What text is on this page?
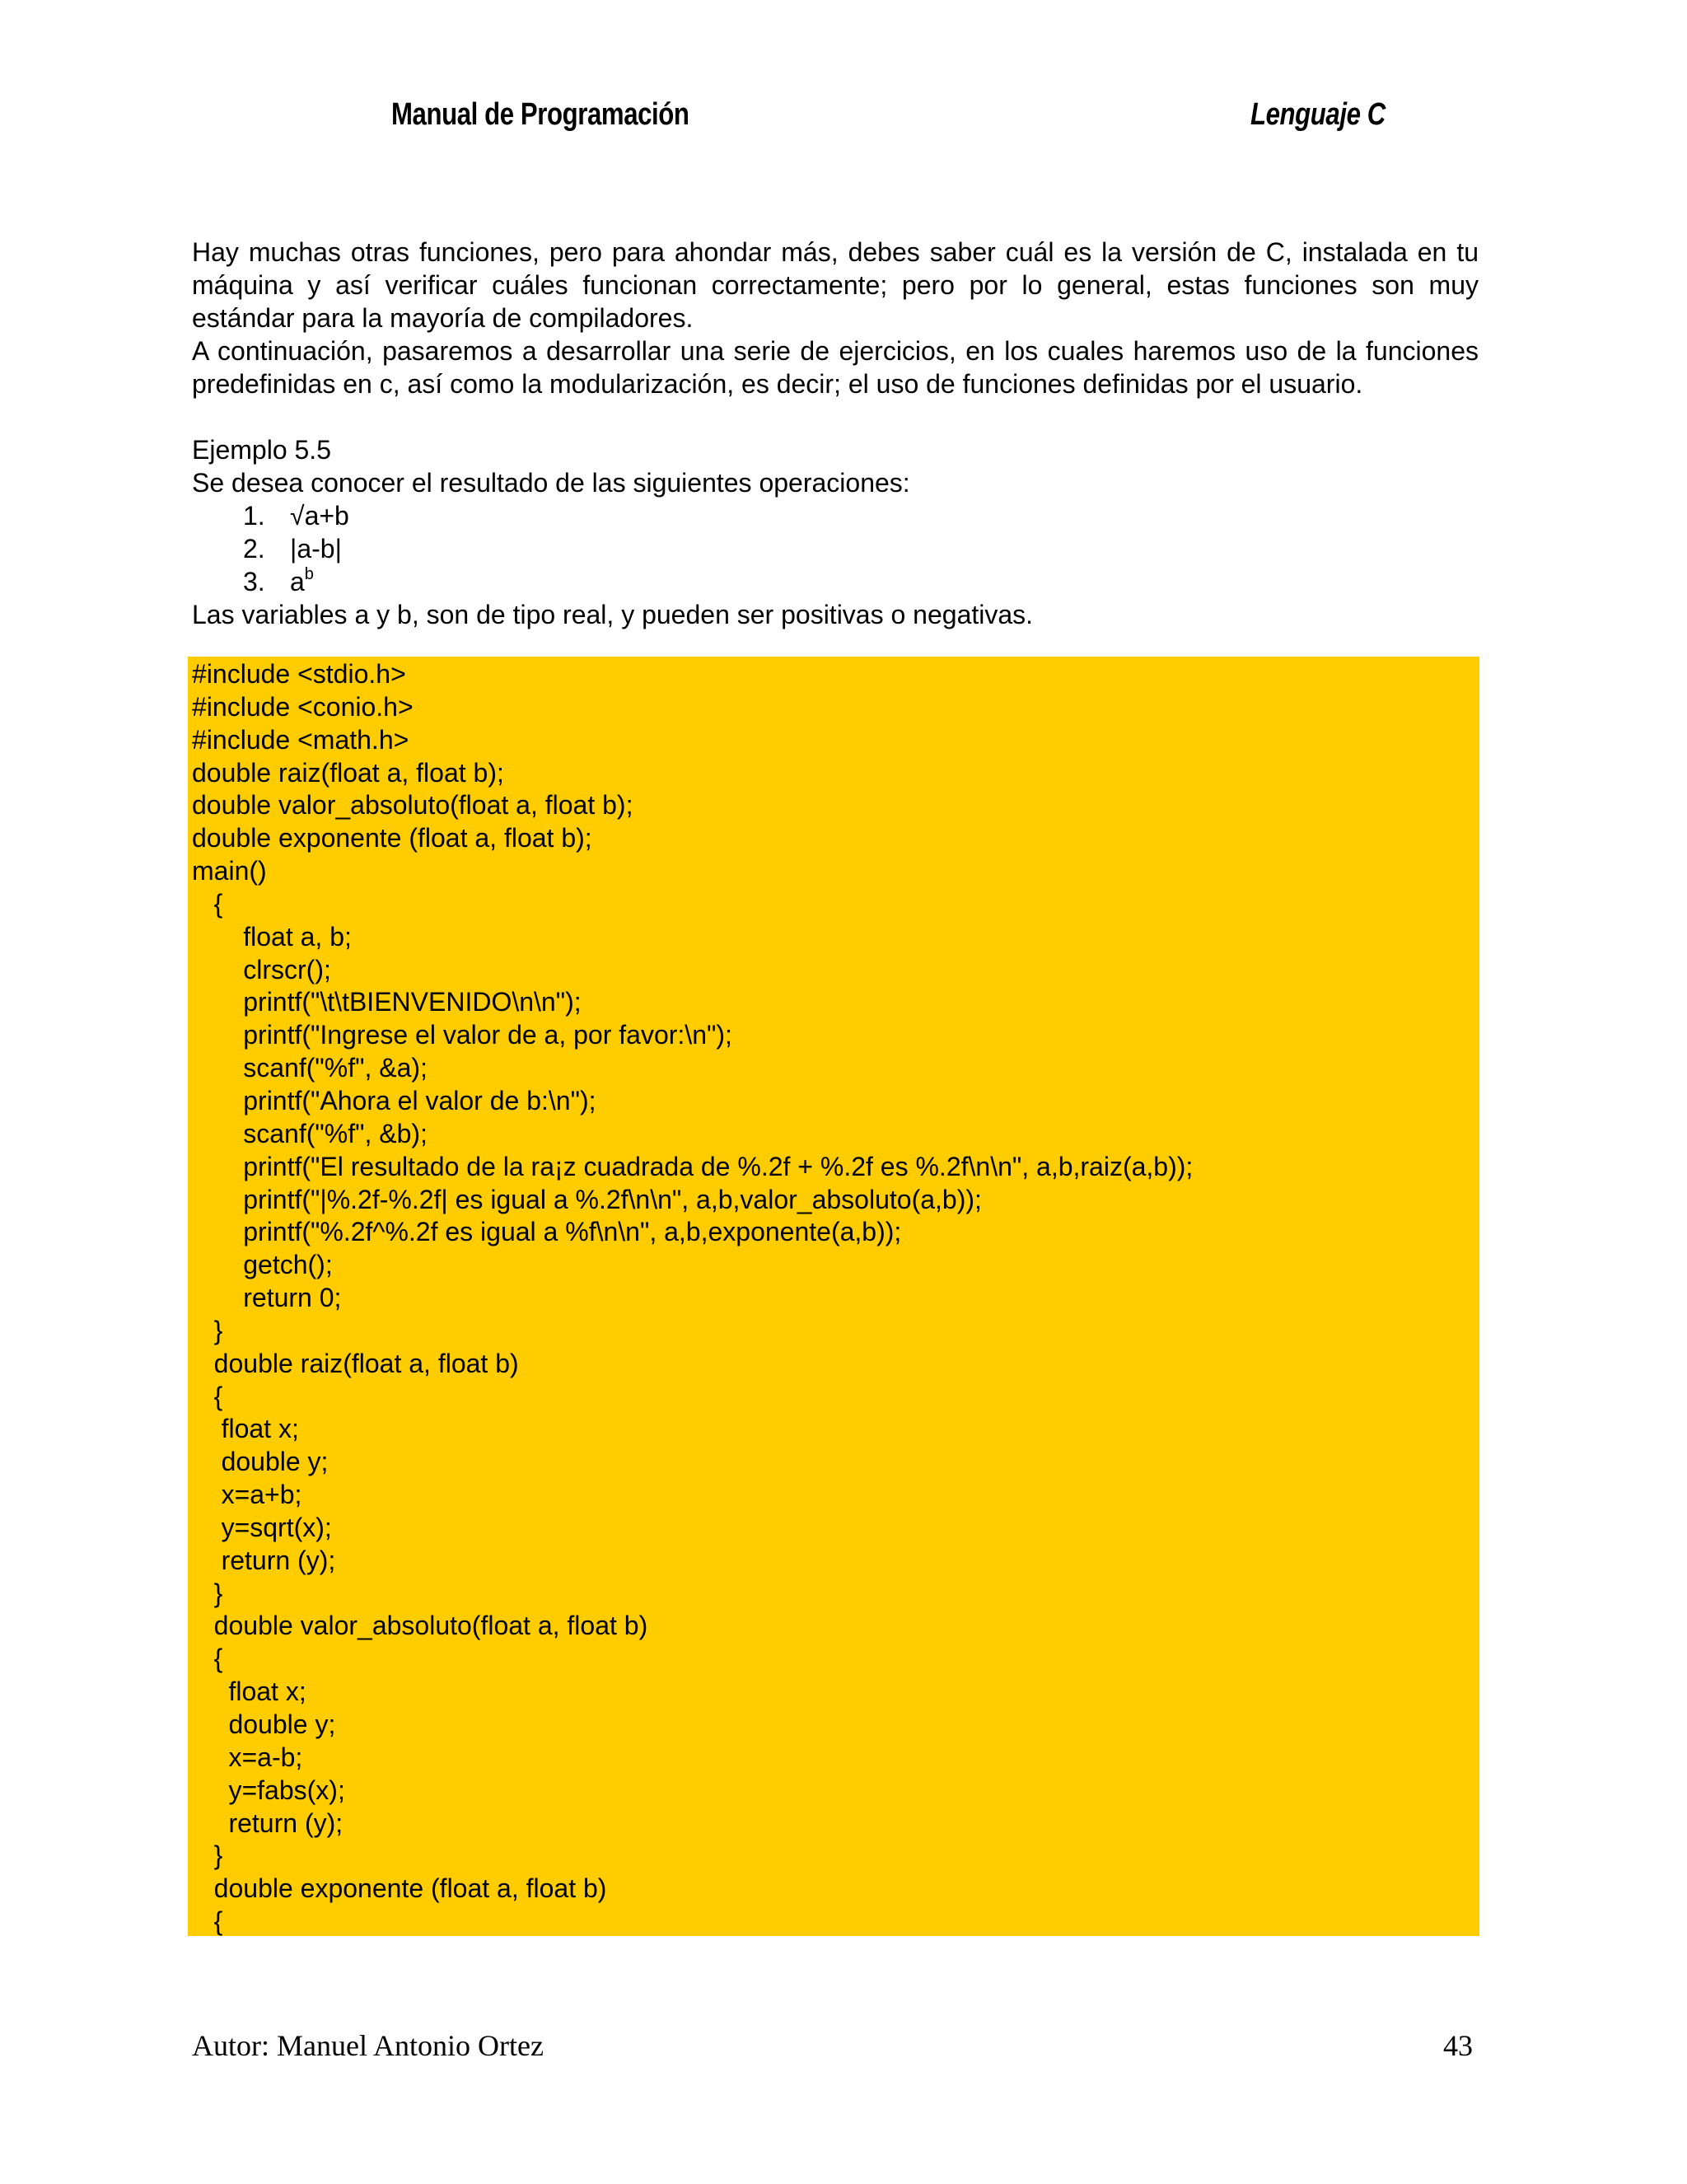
Manual de Programación	Lenguaje C

Hay muchas otras funciones, pero para ahondar más, debes saber cuál es la versión de C, instalada en tu máquina y así verificar cuáles funcionan correctamente; pero por lo general, estas funciones son muy estándar para la mayoría de compiladores.

A continuación, pasaremos a desarrollar una serie de ejercicios, en los cuales haremos uso de la funciones predefinidas en c, así como la modularización, es decir; el uso de funciones definidas por el usuario.

Ejemplo 5.5

Se desea conocer el resultado de las siguientes operaciones:

1. √a+b
2. |a-b|
3. $a^b$

Las variables a y b, son de tipo real, y pueden ser positivas o negativas.

#include <stdio.h>
#include <conio.h>
#include <math.h>
double raiz(float a, float b);
double valor_absoluto(float a, float b);
double exponente (float a, float b);
main()
{
float a, b;
clrscr();
printf("\t\tBIENVENIDO\n\n");
printf("Ingrese el valor de a, por favor:\n");
scanf("%f", &a);
printf("Ahora el valor de b:\n");
scanf("%f", &b);
printf("El resultado de la ra¡z cuadrada de %.2f + %.2f es %.2f\n\n", a,b,raiz(a,b));
printf("|%.2f-%.2f| es igual a %.2f\n\n", a,b,valor_absoluto(a,b));
printf("%.2f^%.2f es igual a %f\n\n", a,b,exponente(a,b));
getch();
return 0;
}
double raiz(float a, float b)
{
float x;
double y;
x=a+b;
y=sqrt(x);
return (y);
}
double valor_absoluto(float a, float b)
{
float x;
double y;
x=a-b;
y=fabs(x);
return (y);
}
double exponente (float a, float b)
{
Autor: Manuel Antonio Ortez	43
